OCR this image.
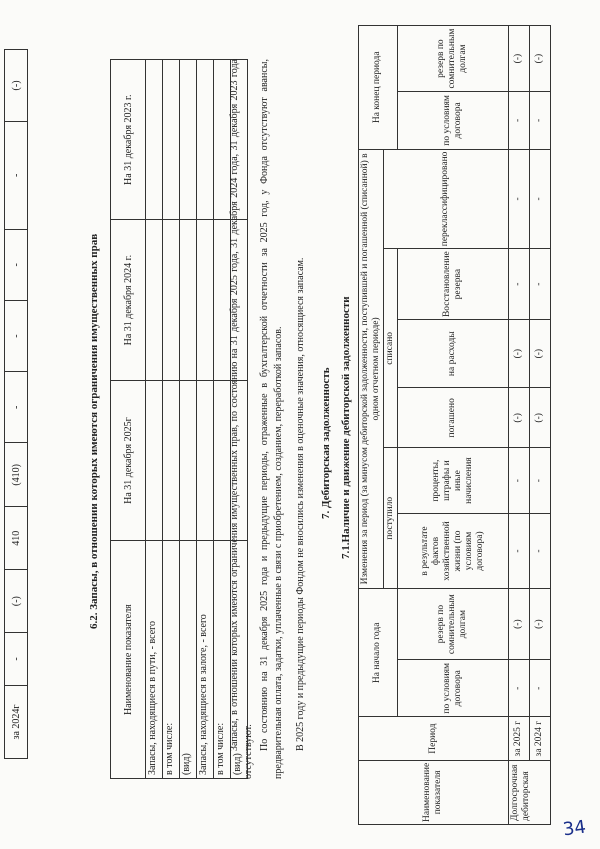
за 2024г	-	(-)	410	(410)	-	-	-	-	(-)
6.2. Запасы, в отношении которых имеются ограничения имущественных прав
Наименование показателя	На 31 декабря 2025г	На 31 декабря 2024 г.	На 31 декабря 2023 г.
Запасы, находящиеся в пути, - всего			
в том числе:			
(вид)			
Запасы, находящиеся в залоге, - всего			
в том числе:			
(вид)			
Запасы, в отношении которых имеются ограничения имущественных прав, по состоянию на 31 декабря 2025 года, 31 декабря 2024 года, 31 декабря 2023 года отсутствуют.
По состоянию на 31 декабря 2025 года и предыдущие периоды, отраженные в бухгалтерской отчетности за 2025 год, у Фонда отсутствуют авансы, предварительная оплата, задатки, уплаченные в связи с приобретением, созданием, переработкой запасов. В 2025 году и предыдущие периоды Фондом не вносились изменения в оценочные значения, относящиеся запасам. 7. Дебиторская задолженность 7.1.Наличие и движение дебиторской задолженности
Наименование показателя	Период	На начало года		Изменения за период (за минусом дебиторской задолженности, поступившей и погашенной (списанной) в одном отчетном периоде)						На конец периода	
				поступило		списано			переклассифицировано		
		по условиям договора	резерв по сомнительным долгам	в результате фактов хозяйственной жизни (по условиям договора)	проценты, штрафы и иные начисления	погашено	на расходы	Восстановление резерва		по условиям договора	резерв по сомнительным долгам
Долгосрочная дебиторская	за 2025 г	-	(-)	-	-	(-)	(-)	-	-	-	(-)
	за 2024 г	-	(-)	-	-	(-)	(-)	-	-	-	(-)
34
